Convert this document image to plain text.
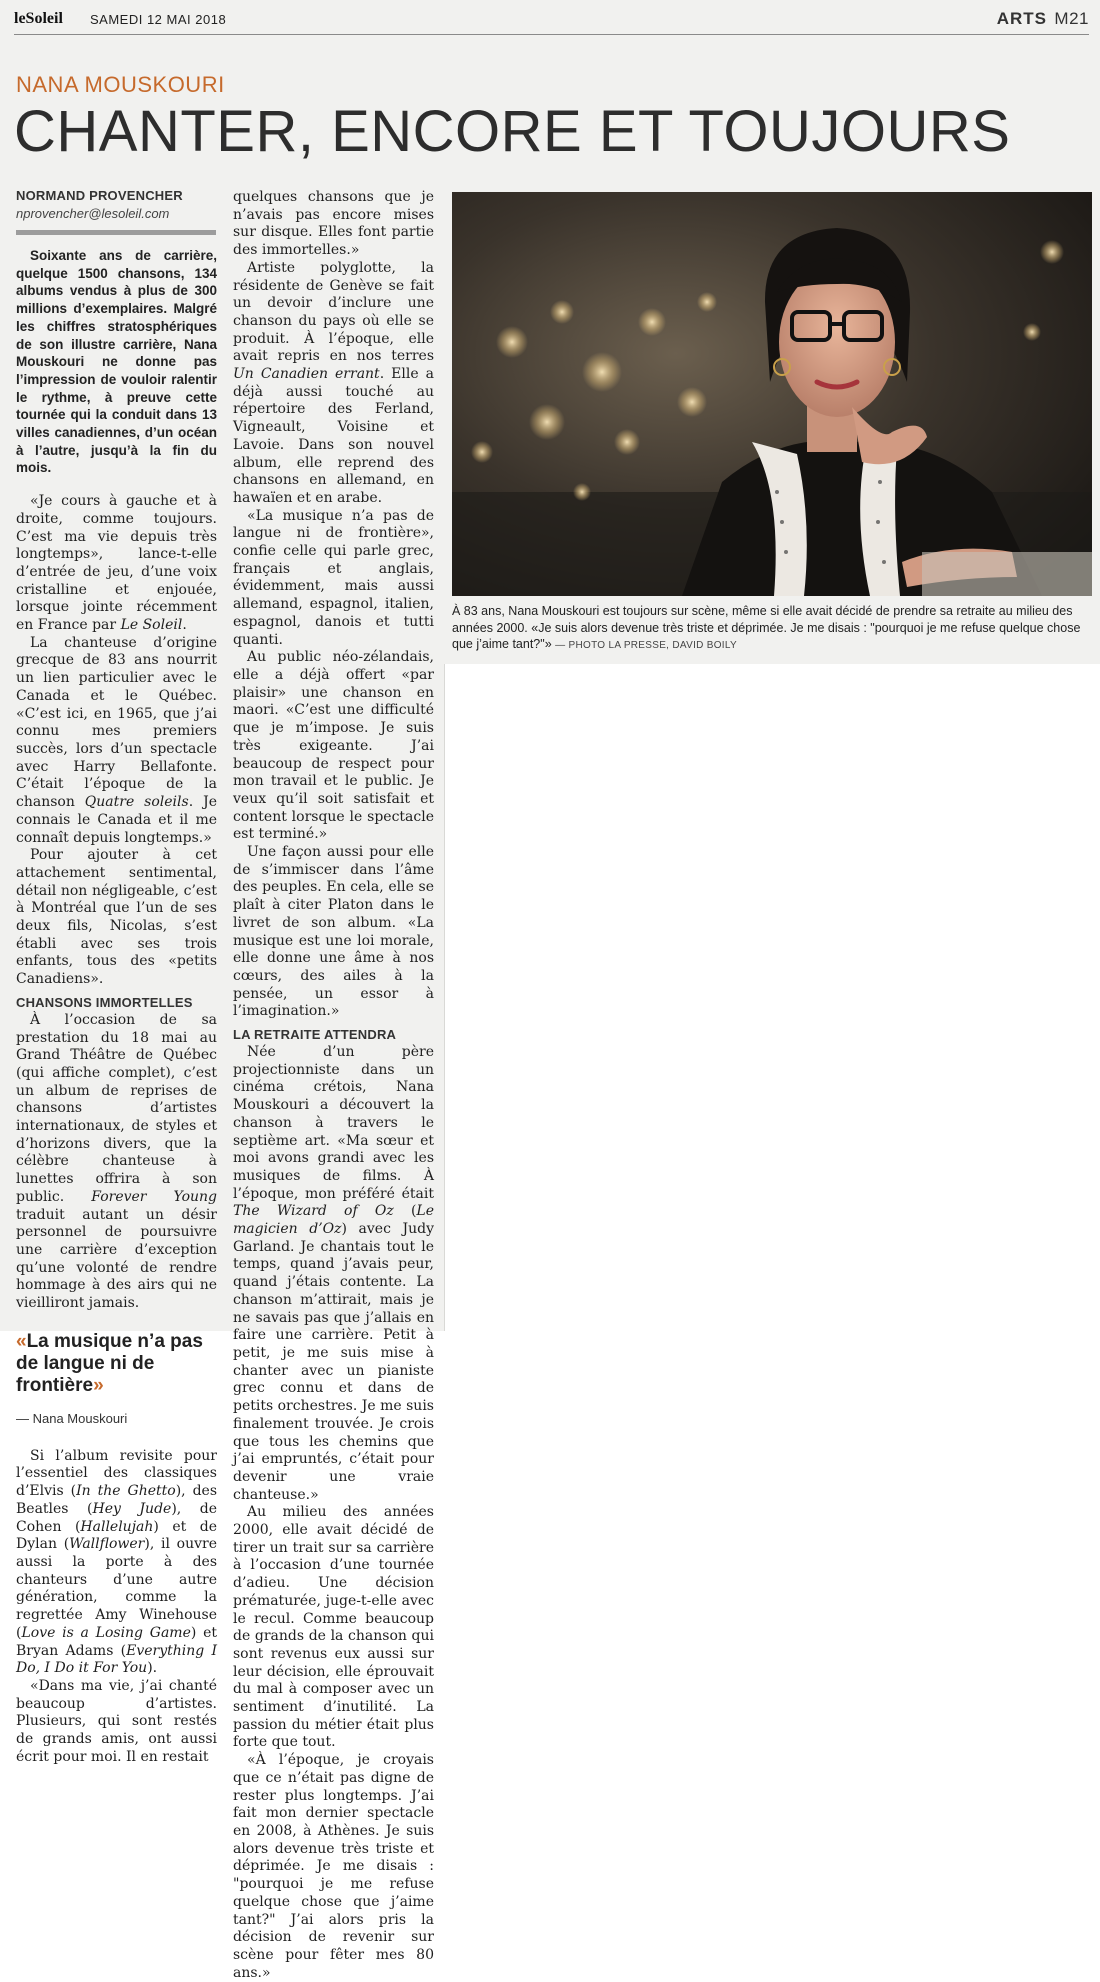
leSoleil SAMEDI 12 MAI 2018	ARTS M21
NANA MOUSKOURI
CHANTER, ENCORE ET TOUJOURS
NORMAND PROVENCHER
nprovencher@lesoleil.com

Soixante ans de carrière, quelque 1500 chansons, 134 albums vendus à plus de 300 millions d’exemplaires. Malgré les chiffres stratosphériques de son illustre carrière, Nana Mouskouri ne donne pas l’impression de vouloir ralentir le rythme, à preuve cette tournée qui la conduit dans 13 villes canadiennes, d’un océan à l’autre, jusqu’à la fin du mois.

«Je cours à gauche et à droite, comme toujours. C’est ma vie depuis très longtemps», lance-t-elle d’entrée de jeu, d’une voix cristalline et enjouée, lorsque jointe récemment en France par Le Soleil.

La chanteuse d’origine grecque de 83 ans nourrit un lien particulier avec le Canada et le Québec. «C’est ici, en 1965, que j’ai connu mes premiers succès, lors d’un spectacle avec Harry Bellafonte. C’était l’époque de la chanson Quatre soleils. Je connais le Canada et il me connaît depuis longtemps.»

Pour ajouter à cet attachement sentimental, détail non négligeable, c’est à Montréal que l’un de ses deux fils, Nicolas, s’est établi avec ses trois enfants, tous des «petits Canadiens».

CHANSONS IMMORTELLES

À l’occasion de sa prestation du 18 mai au Grand Théâtre de Québec (qui affiche complet), c’est un album de reprises de chansons d’artistes internationaux, de styles et d’horizons divers, que la célèbre chanteuse à lunettes offrira à son public. Forever Young traduit autant un désir personnel de poursuivre une carrière d’exception qu’une volonté de rendre hommage à des airs qui ne vieilliront jamais.

«La musique n’a pas de langue ni de frontière»
— Nana Mouskouri

Si l’album revisite pour l’essentiel des classiques d’Elvis (In the Ghetto), des Beatles (Hey Jude), de Cohen (Hallelujah) et de Dylan (Wallflower), il ouvre aussi la porte à des chanteurs d’une autre génération, comme la regrettée Amy Winehouse (Love is a Losing Game) et Bryan Adams (Everything I Do, I Do it For You).

«Dans ma vie, j’ai chanté beaucoup d’artistes. Plusieurs, qui sont restés de grands amis, ont aussi écrit pour moi. Il en restait

quelques chansons que je n’avais pas encore mises sur disque. Elles font partie des immortelles.»

Artiste polyglotte, la résidente de Genève se fait un devoir d’inclure une chanson du pays où elle se produit. À l’époque, elle avait repris en nos terres Un Canadien errant. Elle a déjà aussi touché au répertoire des Ferland, Vigneault, Voisine et Lavoie. Dans son nouvel album, elle reprend des chansons en allemand, en hawaïen et en arabe.

«La musique n’a pas de langue ni de frontière», confie celle qui parle grec, français et anglais, évidemment, mais aussi allemand, espagnol, italien, espagnol, danois et tutti quanti.

Au public néo-zélandais, elle a déjà offert «par plaisir» une chanson en maori. «C’est une difficulté que je m’impose. Je suis très exigeante. J’ai beaucoup de respect pour mon travail et le public. Je veux qu’il soit satisfait et content lorsque le spectacle est terminé.»

Une façon aussi pour elle de s’immiscer dans l’âme des peuples. En cela, elle se plaît à citer Platon dans le livret de son album. «La musique est une loi morale, elle donne une âme à nos cœurs, des ailes à la pensée, un essor à l’imagination.»

LA RETRAITE ATTENDRA

Née d’un père projectionniste dans un cinéma crétois, Nana Mouskouri a découvert la chanson à travers le septième art. «Ma sœur et moi avons grandi avec les musiques de films. À l’époque, mon préféré était The Wizard of Oz (Le magicien d’Oz) avec Judy Garland. Je chantais tout le temps, quand j’avais peur, quand j’étais contente. La chanson m’attirait, mais je ne savais pas que j’allais en faire une carrière. Petit à petit, je me suis mise à chanter avec un pianiste grec connu et dans de petits orchestres. Je me suis finalement trouvée. Je crois que tous les chemins que j’ai empruntés, c’était pour devenir une vraie chanteuse.»

Au milieu des années 2000, elle avait décidé de tirer un trait sur sa carrière à l’occasion d’une tournée d’adieu. Une décision prématurée, juge-t-elle avec le recul. Comme beaucoup de grands de la chanson qui sont revenus eux aussi sur leur décision, elle éprouvait du mal à composer avec un sentiment d’inutilité. La passion du métier était plus forte que tout.

«À l’époque, je croyais que ce n’était pas digne de rester plus longtemps. J’ai fait mon dernier spectacle en 2008, à Athènes. Je suis alors devenue très triste et déprimée. Je me disais : "pourquoi je me refuse quelque chose que j’aime tant?" J’ai alors pris la décision de revenir sur scène pour fêter mes 80 ans.»

À 83 ans, Nana Mouskouri est toujours sur scène, même si elle avait décidé de prendre sa retraite au milieu des années 2000. «Je suis alors devenue très triste et déprimée. Je me disais : "pourquoi je me refuse quelque chose que j’aime tant?"» — PHOTO LA PRESSE, DAVID BOILY
